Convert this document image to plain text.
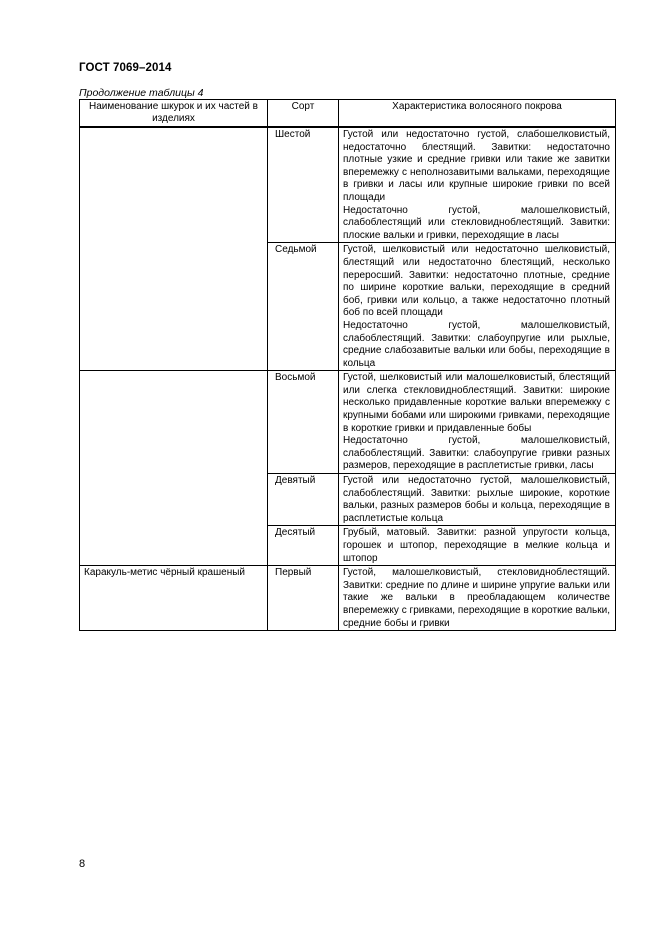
ГОСТ 7069–2014
Продолжение таблицы 4
Наименование шкурок и их частей в изделиях	Сорт	Характеристика волосяного покрова
	Шестой	Густой или недостаточно густой, слабошелковистый, недостаточно блестящий. Завитки: недостаточно плотные узкие и средние гривки или такие же завитки вперемежку с неполнозавитыми вальками, переходящие в гривки и ласы или крупные широкие гривки по всей площади
Недостаточно густой, малошелковистый, слабоблестящий или стекловидноблестящий. Завитки: плоские вальки и гривки, переходящие в ласы

	Седьмой	Густой, шелковистый или недостаточно шелковистый, блестящий или недостаточно блестящий, несколько переросший. Завитки: недостаточно плотные, средние по ширине короткие вальки, переходящие в средний боб, гривки или кольцо, а также недостаточно плотный боб по всей площади
Недостаточно густой, малошелковистый, слабоблестящий. Завитки: слабоупругие или рыхлые, средние слабозавитые вальки или бобы, переходящие в кольца

	Восьмой	Густой, шелковистый или малошелковистый, блестящий или слегка стекловидноблестящий. Завитки: широкие несколько придавленные короткие вальки вперемежку с крупными бобами или широкими гривками, переходящие в короткие гривки и придавленные бобы
Недостаточно густой, малошелковистый, слабоблестящий. Завитки: слабоупругие гривки разных размеров, переходящие в расплетистые гривки, ласы

	Девятый	Густой или недостаточно густой, малошелковистый, слабоблестящий. Завитки: рыхлые широкие, короткие вальки, разных размеров бобы и кольца, переходящие в расплетистые кольца
	Десятый	Грубый, матовый. Завитки: разной упругости кольца, горошек и штопор, переходящие в мелкие кольца и штопор
Каракуль-метис чёрный крашеный	Первый	Густой, малошелковистый, стекловидноблестящий. Завитки: средние по длине и ширине упругие вальки или такие же вальки в преобладающем количестве вперемежку с гривками, переходящие в короткие вальки, средние бобы и гривки
8
